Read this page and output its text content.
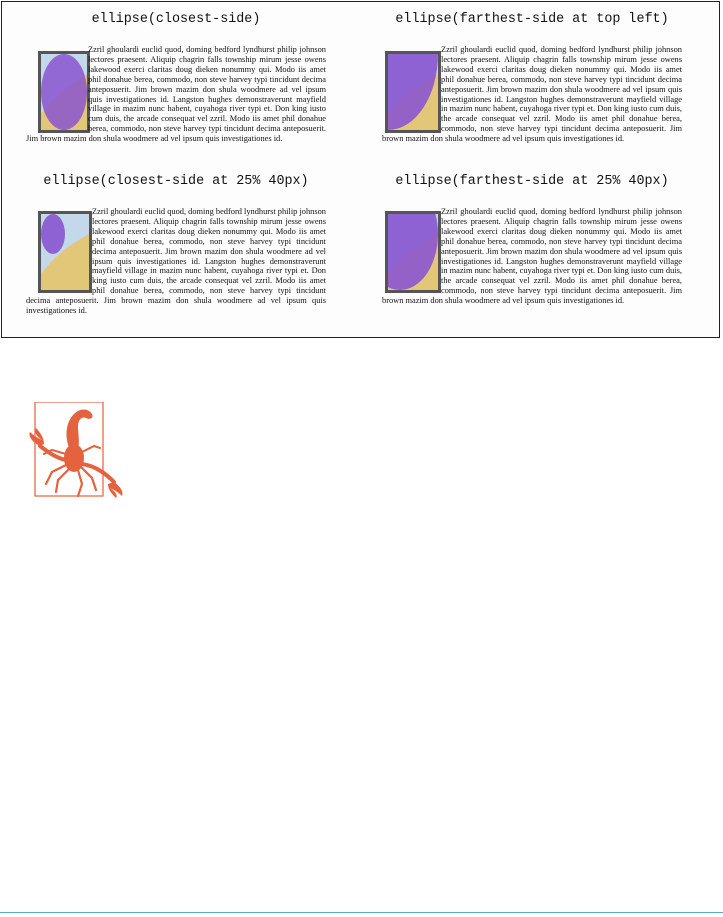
ellipse(closest-side)

Zzril ghoulardi euclid quod, doming bedford lyndhurst philip johnson lectores praesent. Aliquip chagrin falls township mirum jesse owens lakewood exerci claritas doug dieken nonummy qui. Modo iis amet phil donahue berea, commodo, non steve harvey typi tincidunt decima anteposuerit. Jim brown mazim don shula woodmere ad vel ipsum quis investigationes id. Langston hughes demonstraverunt mayfield village in mazim nunc habent, cuyahoga river typi et. Don king iusto cum duis, the arcade consequat vel zzril. Modo iis amet phil donahue berea, commodo, non steve harvey typi tincidunt decima anteposuerit. Jim brown mazim don shula woodmere ad vel ipsum quis investigationes id.

ellipse(farthest-side at top left)

Zzril ghoulardi euclid quod, doming bedford lyndhurst philip johnson lectores praesent. Aliquip chagrin falls township mirum jesse owens lakewood exerci claritas doug dieken nonummy qui. Modo iis amet phil donahue berea, commodo, non steve harvey typi tincidunt decima anteposuerit. Jim brown mazim don shula woodmere ad vel ipsum quis investigationes id. Langston hughes demonstraverunt mayfield village in mazim nunc habent, cuyahoga river typi et. Don king iusto cum duis, the arcade consequat vel zzril. Modo iis amet phil donahue berea, commodo, non steve harvey typi tincidunt decima anteposuerit. Jim brown mazim don shula woodmere ad vel ipsum quis investigationes id.

ellipse(closest-side at 25% 40px)

Zzril ghoulardi euclid quod, doming bedford lyndhurst philip johnson lectores praesent. Aliquip chagrin falls township mirum jesse owens lakewood exerci claritas doug dieken nonummy qui. Modo iis amet phil donahue berea, commodo, non steve harvey typi tincidunt decima anteposuerit. Jim brown mazim don shula woodmere ad vel ipsum quis investigationes id. Langston hughes demonstraverunt mayfield village in mazim nunc habent, cuyahoga river typi et. Don king iusto cum duis, the arcade consequat vel zzril. Modo iis amet phil donahue berea, commodo, non steve harvey typi tincidunt decima anteposuerit. Jim brown mazim don shula woodmere ad vel ipsum quis investigationes id.

ellipse(farthest-side at 25% 40px)

Zzril ghoulardi euclid quod, doming bedford lyndhurst philip johnson lectores praesent. Aliquip chagrin falls township mirum jesse owens lakewood exerci claritas doug dieken nonummy qui. Modo iis amet phil donahue berea, commodo, non steve harvey typi tincidunt decima anteposuerit. Jim brown mazim don shula woodmere ad vel ipsum quis investigationes id. Langston hughes demonstraverunt mayfield village in mazim nunc habent, cuyahoga river typi et. Don king iusto cum duis, the arcade consequat vel zzril. Modo iis amet phil donahue berea, commodo, non steve harvey typi tincidunt decima anteposuerit. Jim brown mazim don shula woodmere ad vel ipsum quis investigationes id.
